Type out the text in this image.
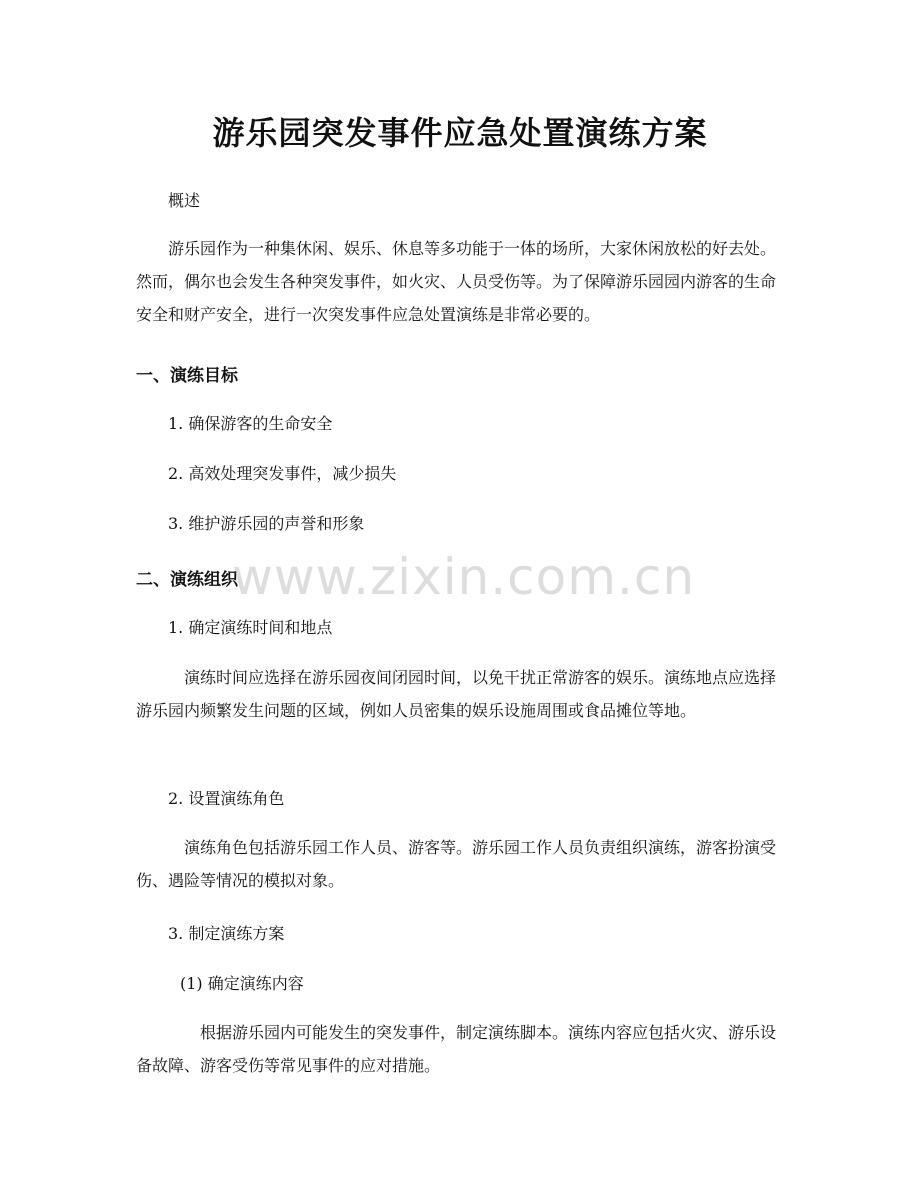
游乐园突发事件应急处置演练方案
概述
游乐园作为一种集休闲、娱乐、休息等多功能于一体的场所，大家休闲放松的好去处。然而，偶尔也会发生各种突发事件，如火灾、人员受伤等。为了保障游乐园园内游客的生命安全和财产安全，进行一次突发事件应急处置演练是非常必要的。
一、演练目标
1. 确保游客的生命安全
2. 高效处理突发事件，减少损失
3. 维护游乐园的声誉和形象
二、演练组织
1. 确定演练时间和地点
演练时间应选择在游乐园夜间闭园时间，以免干扰正常游客的娱乐。演练地点应选择游乐园内频繁发生问题的区域，例如人员密集的娱乐设施周围或食品摊位等地。
2. 设置演练角色
演练角色包括游乐园工作人员、游客等。游乐园工作人员负责组织演练，游客扮演受伤、遇险等情况的模拟对象。
3. 制定演练方案
(1) 确定演练内容
根据游乐园内可能发生的突发事件，制定演练脚本。演练内容应包括火灾、游乐设备故障、游客受伤等常见事件的应对措施。
www.zixin.com.cn
